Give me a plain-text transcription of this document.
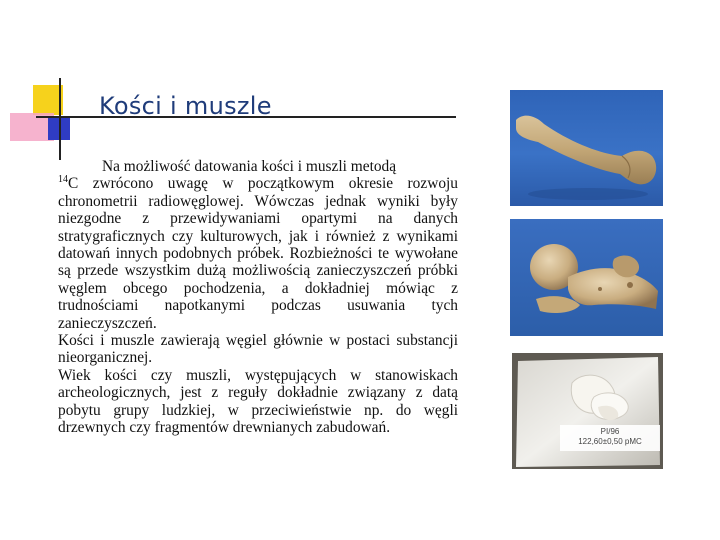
Kości i muszle

Na możliwość datowania kości i muszli metodą

$^{14}$C zwrócono uwagę w początkowym okresie rozwoju chronometrii radiowęglowej. Wówczas jednak wyniki były niezgodne z przewidywaniami opartymi na danych stratygraficznych czy kulturowych, jak i również z wynikami datowań innych podobnych próbek. Rozbieżności te wywołane są przede wszystkim dużą możliwością zanieczyszczeń próbki węglem obcego pochodzenia, a dokładniej mówiąc z trudnościami napotkanymi podczas usuwania tych zanieczyszczeń.

Kości i muszle zawierają węgiel głównie w postaci substancji nieorganicznej.

Wiek kości czy muszli, występujących w stanowiskach archeologicznych, jest z reguły dokładnie związany z datą pobytu grupy ludzkiej, w przeciwieństwie np. do węgli drzewnych czy fragmentów drewnianych zabudowań.	PI/96
122,60±0,50 pMC
